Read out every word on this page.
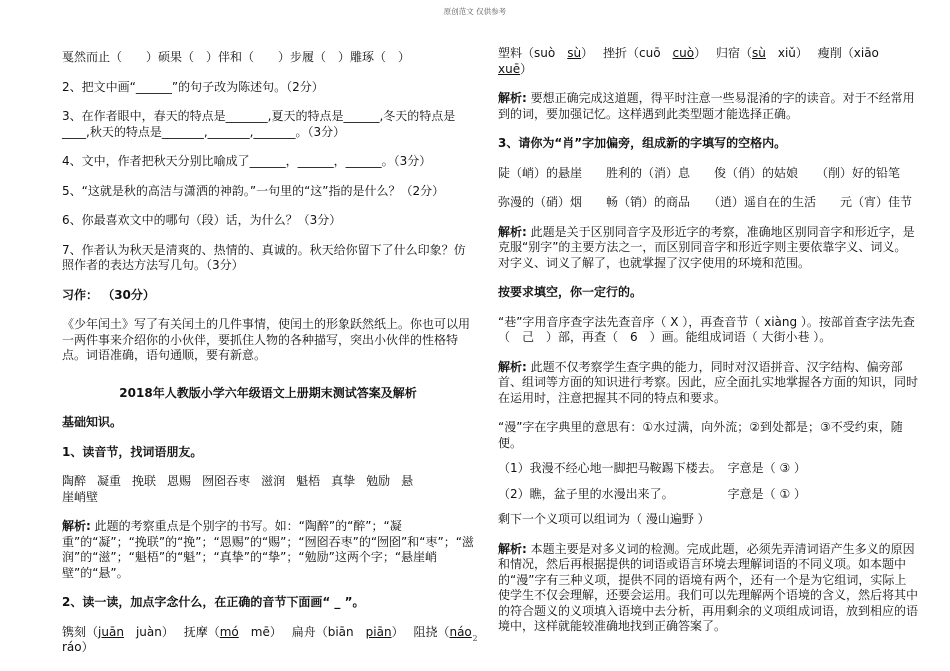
原创范文 仅供参考

戛然而止（　　）硕果（　）伴和（　　）步履（　）雕琢（　）

2、把文中画“______”的句子改为陈述句。（2分）

3、在作者眼中，春天的特点是_______,夏天的特点是______,冬天的特点是____,秋天的特点是_______,_______,_______。（3分）

4、文中，作者把秋天分别比喻成了______，______，______。（3分）

5、“这就是秋的高洁与潇洒的神韵。”一句里的“这”指的是什么？（2分）

6、你最喜欢文中的哪句（段）话，为什么？（3分）

7、作者认为秋天是清爽的、热情的、真诚的。秋天给你留下了什么印象？仿照作者的表达方法写几句。（3分）

习作： （30分）

《少年闰土》写了有关闰土的几件事情，使闰土的形象跃然纸上。你也可以用一两件事来介绍你的小伙伴，要抓住人物的各种描写，突出小伙伴的性格特点。词语准确，语句通顺，要有新意。

2018年人教版小学六年级语文上册期末测试答案及解析

基础知识。

1、读音节，找词语朋友。

陶醉 凝重 挽联 恩赐 囫囵吞枣 滋润 魁梧 真挚 勉励 悬
崖峭壁

解析: 此题的考察重点是个别字的书写。如：“陶醉”的“醉”；“凝重”的“凝”；“挽联”的“挽”；“恩赐”的“赐”；“囫囵吞枣”的“囫囵”和“枣”；“滋润”的“滋”；“魁梧”的“魁”；“真挚”的“挚”；“勉励”这两个字；“悬崖峭壁”的“悬”。

2、读一读，加点字念什么，在正确的音节下面画“ _ ”。

镌刻（juān　 juàn）　 抚摩（mó　 mē）　 扁舟（biān　 piān）　 阻挠（náo　ráo）

塑料（suò　 sù）　 挫折（cuō　 cuò）　 归宿（sù　 xiǔ）　 瘦削（xiāo　xuē）

解析: 要想正确完成这道题，得平时注意一些易混淆的字的读音。对于不经常用到的词，要加强记忆。这样遇到此类型题才能选择正确。

3、请你为“肖”字加偏旁，组成新的字填写的空格内。

陡（峭）的悬崖　　胜利的（消）息　　俊（俏）的姑娘　　（削）好的铅笔

弥漫的（硝）烟　　畅（销）的商品　　（逍）遥自在的生活　　元（宵）佳节

解析: 此题是关于区别同音字及形近字的考察，准确地区别同音字和形近字，是克服“别字”的主要方法之一，而区别同音字和形近字则主要依靠字义、词义。对字义、词义了解了，也就掌握了汉字使用的环境和范围。

按要求填空，你一定行的。

“巷”字用音序查字法先查音序（ X ），再查音节（ xiàng ）。按部首查字法先查（　己　）部，再查（　6　）画。能组成词语（ 大街小巷 ）。

解析: 此题不仅考察学生查字典的能力，同时对汉语拼音、汉字结构、偏旁部首、组词等方面的知识进行考察。因此，应全面扎实地掌握各方面的知识，同时在运用时，注意把握其不同的特点和要求。

“漫”字在字典里的意思有：①水过满，向外流；②到处都是；③不受约束，随便。

（1）我漫不经心地一脚把马鞍踢下楼去。　字意是（ ③ ）

（2）瞧，盆子里的水漫出来了。　　　　　字意是（ ① ）

剩下一个义项可以组词为（ 漫山遍野 ）

解析: 本题主要是对多义词的检测。完成此题，必须先弄清词语产生多义的原因和情况，然后再根据提供的词语或语言环境去理解词语的不同义项。如本题中的“漫”字有三种义项，提供不同的语境有两个，还有一个是为它组词，实际上使学生不仅会理解，还要会运用。我们可以先理解两个语境的含义，然后将其中的符合题义的义项填入语境中去分析，再用剩余的义项组成词语，放到相应的语境中，这样就能较准确地找到正确答案了。

2
